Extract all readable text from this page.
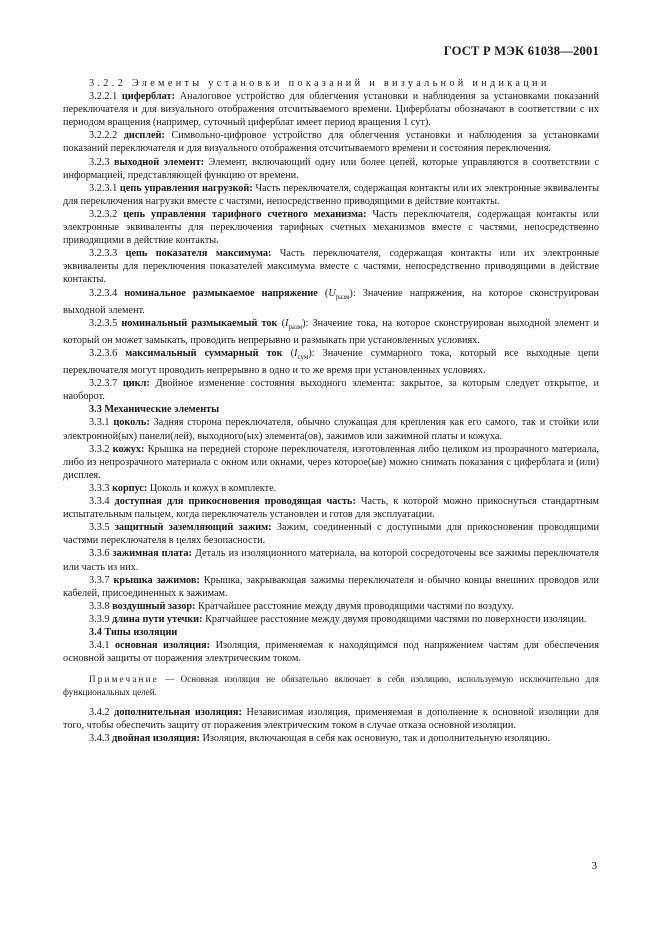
ГОСТ Р МЭК 61038—2001

3.2.2 Элементы установки показаний и визуальной индикации

3.2.2.1 циферблат: Аналоговое устройство для облегчения установки и наблюдения за установками показаний переключателя и для визуального отображения отсчитываемого времени. Циферблаты обозначают в соответствии с их периодом вращения (например, суточный циферблат имеет период вращения 1 сут).

3.2.2.2 дисплей: Символьно-цифровое устройство для облегчения установки и наблюдения за установками показаний переключателя и для визуального отображения отсчитываемого времени и состояния переключения.

3.2.3 выходной элемент: Элемент, включающий одну или более цепей, которые управляются в соответствии с информацией, представляющей функцию от времени.

3.2.3.1 цепь управления нагрузкой: Часть переключателя, содержащая контакты или их электронные эквиваленты для переключения нагрузки вместе с частями, непосредственно приводящими в действие контакты.

3.2.3.2 цепь управления тарифного счетного механизма: Часть переключателя, содержащая контакты или электронные эквиваленты для переключения тарифных счетных механизмов вместе с частями, непосредственно приводящими в действие контакты.

3.2.3.3 цепь показателя максимума: Часть переключателя, содержащая контакты или их электронные эквиваленты для переключения показателей максимума вместе с частями, непосредственно приводящими в действие контакты.

3.2.3.4 номинальное размыкаемое напряжение $(U_{разм})$: Значение напряжения, на которое сконструирован выходной элемент.

3.2.3.5 номинальный размыкаемый ток $(I_{разм})$: Значение тока, на которое сконструирован выходной элемент и который он может замыкать, проводить непрерывно и размыкать при установленных условиях.

3.2.3.6 максимальный суммарный ток $(I_{сум})$: Значение суммарного тока, который все выходные цепи переключателя могут проводить непрерывно в одно и то же время при установленных условиях.

3.2.3.7 цикл: Двойное изменение состояния выходного элемента: закрытое, за которым следует открытое, и наоборот.

3.3 Механические элементы

3.3.1 цоколь: Задняя сторона переключателя, обычно служащая для крепления как его самого, так и стойки или электронной(ых) панели(лей), выходного(ых) элемента(ов), зажимов или зажимной платы и кожуха.

3.3.2 кожух: Крышка на передней стороне переключателя, изготовленная либо целиком из прозрачного материала, либо из непрозрачного материала с окном или окнами, через которое(ые) можно снимать показания с циферблата и (или) дисплея.

3.3.3 корпус: Цоколь и кожух в комплекте.

3.3.4 доступная для прикосновения проводящая часть: Часть, к которой можно прикоснуться стандартным испытательным пальцем, когда переключатель установлен и готов для эксплуатации.

3.3.5 защитный заземляющий зажим: Зажим, соединенный с доступными для прикосновения проводящими частями переключателя в целях безопасности.

3.3.6 зажимная плата: Деталь из изоляционного материала, на которой сосредоточены все зажимы переключателя или часть из них.

3.3.7 крышка зажимов: Крышка, закрывающая зажимы переключателя и обычно концы внешних проводов или кабелей, присоединенных к зажимам.

3.3.8 воздушный зазор: Кратчайшее расстояние между двумя проводящими частями по воздуху.

3.3.9 длина пути утечки: Кратчайшее расстояние между двумя проводящими частями по поверхности изоляции.

3.4 Типы изоляции

3.4.1 основная изоляция: Изоляция, применяемая к находящимся под напряжением частям для обеспечения основной защиты от поражения электрическим током.

Примечание — Основная изоляция не обязательно включает в себя изоляцию, используемую исключительно для функциональных целей.

3.4.2 дополнительная изоляция: Независимая изоляция, применяемая в дополнение к основной изоляции для того, чтобы обеспечить защиту от поражения электрическим током в случае отказа основной изоляции.

3.4.3 двойная изоляция: Изоляция, включающая в себя как основную, так и дополнительную изоляцию.

3
